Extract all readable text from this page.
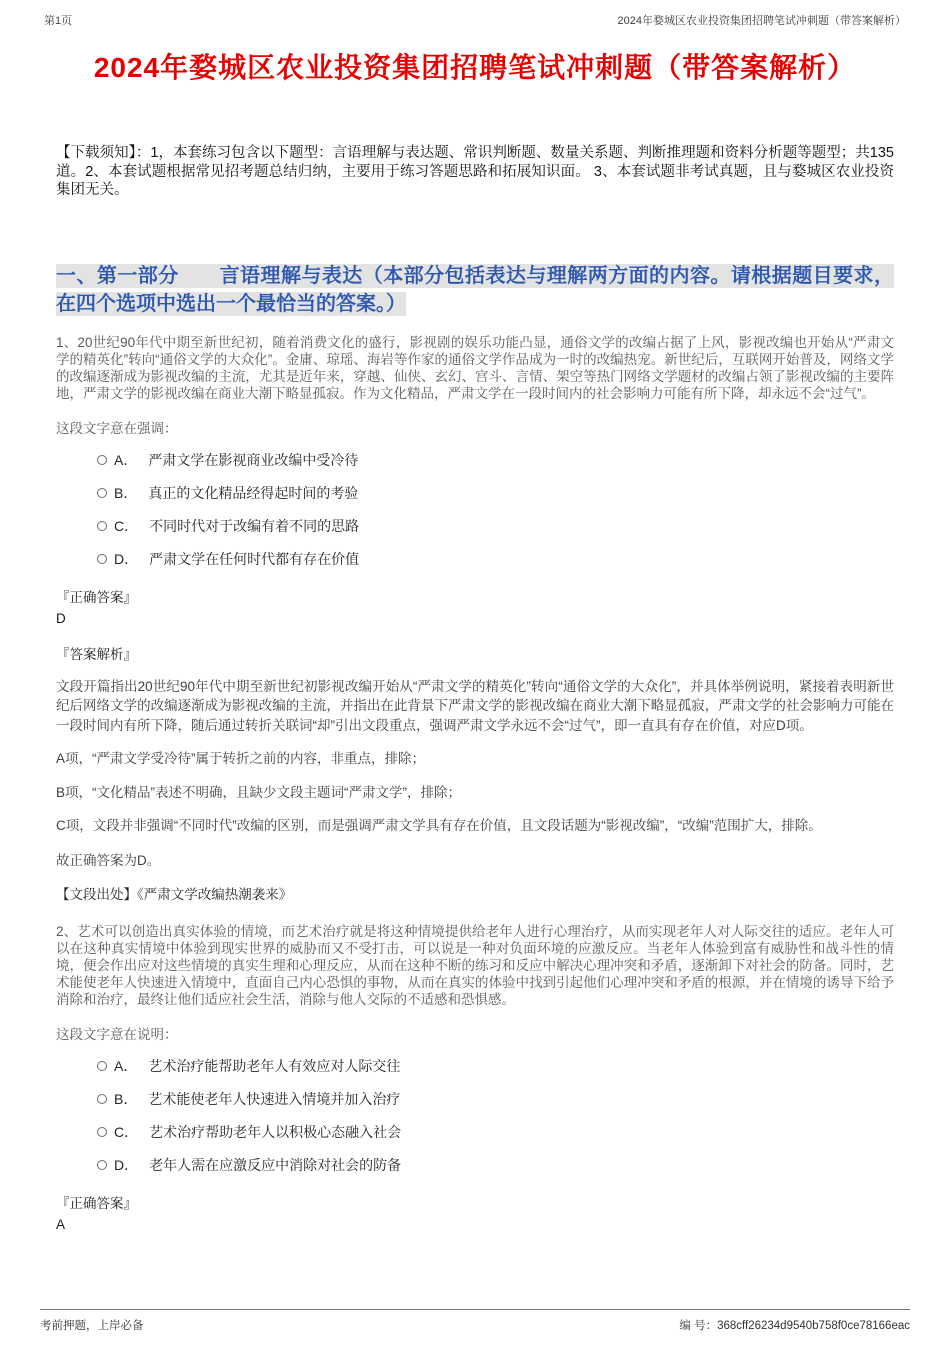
第1页	2024年婺城区农业投资集团招聘笔试冲刺题（带答案解析）
2024年婺城区农业投资集团招聘笔试冲刺题（带答案解析）

【下载须知】：1，本套练习包含以下题型：言语理解与表达题、常识判断题、数量关系题、判断推理题和资料分析题等题型；共135道。2、本套试题根据常见招考题总结归纳，主要用于练习答题思路和拓展知识面。 3、本套试题非考试真题，且与婺城区农业投资集团无关。

一、第一部分　　言语理解与表达（本部分包括表达与理解两方面的内容。请根据题目要求，在四个选项中选出一个最恰当的答案。）

1、20世纪90年代中期至新世纪初，随着消费文化的盛行，影视剧的娱乐功能凸显，通俗文学的改编占据了上风，影视改编也开始从“严肃文学的精英化”转向“通俗文学的大众化”。金庸、琼瑶、海岩等作家的通俗文学作品成为一时的改编热宠。新世纪后，互联网开始普及，网络文学的改编逐渐成为影视改编的主流，尤其是近年来，穿越、仙侠、玄幻、宫斗、言情、架空等热门网络文学题材的改编占领了影视改编的主要阵地，严肃文学的影视改编在商业大潮下略显孤寂。作为文化精品，严肃文学在一段时间内的社会影响力可能有所下降，却永远不会“过气”。

这段文字意在强调：

A． 严肃文学在影视商业改编中受冷待
B． 真正的文化精品经得起时间的考验
C． 不同时代对于改编有着不同的思路
D． 严肃文学在任何时代都有存在价值

『正确答案』

D

『答案解析』

文段开篇指出20世纪90年代中期至新世纪初影视改编开始从“严肃文学的精英化”转向“通俗文学的大众化”，并具体举例说明，紧接着表明新世纪后网络文学的改编逐渐成为影视改编的主流，并指出在此背景下严肃文学的影视改编在商业大潮下略显孤寂，严肃文学的社会影响力可能在一段时间内有所下降，随后通过转折关联词“却”引出文段重点，强调严肃文学永远不会“过气”，即一直具有存在价值，对应D项。

A项，“严肃文学受冷待”属于转折之前的内容，非重点，排除；

B项，“文化精品”表述不明确，且缺少文段主题词“严肃文学”，排除；

C项，文段并非强调“不同时代”改编的区别，而是强调严肃文学具有存在价值，且文段话题为“影视改编”，“改编”范围扩大，排除。

故正确答案为D。

【文段出处】《严肃文学改编热潮袭来》

2、艺术可以创造出真实体验的情境，而艺术治疗就是将这种情境提供给老年人进行心理治疗，从而实现老年人对人际交往的适应。老年人可以在这种真实情境中体验到现实世界的威胁而又不受打击，可以说是一种对负面环境的应激反应。当老年人体验到富有威胁性和战斗性的情境，便会作出应对这些情境的真实生理和心理反应，从而在这种不断的练习和反应中解决心理冲突和矛盾，逐渐卸下对社会的防备。同时，艺术能使老年人快速进入情境中，直面自己内心恐惧的事物，从而在真实的体验中找到引起他们心理冲突和矛盾的根源，并在情境的诱导下给予消除和治疗，最终让他们适应社会生活，消除与他人交际的不适感和恐惧感。

这段文字意在说明：

A． 艺术治疗能帮助老年人有效应对人际交往
B． 艺术能使老年人快速进入情境并加入治疗
C． 艺术治疗帮助老年人以积极心态融入社会
D． 老年人需在应激反应中消除对社会的防备

『正确答案』

A

考前押题，上岸必备	编 号：368cff26234d9540b758f0ce78166eac
